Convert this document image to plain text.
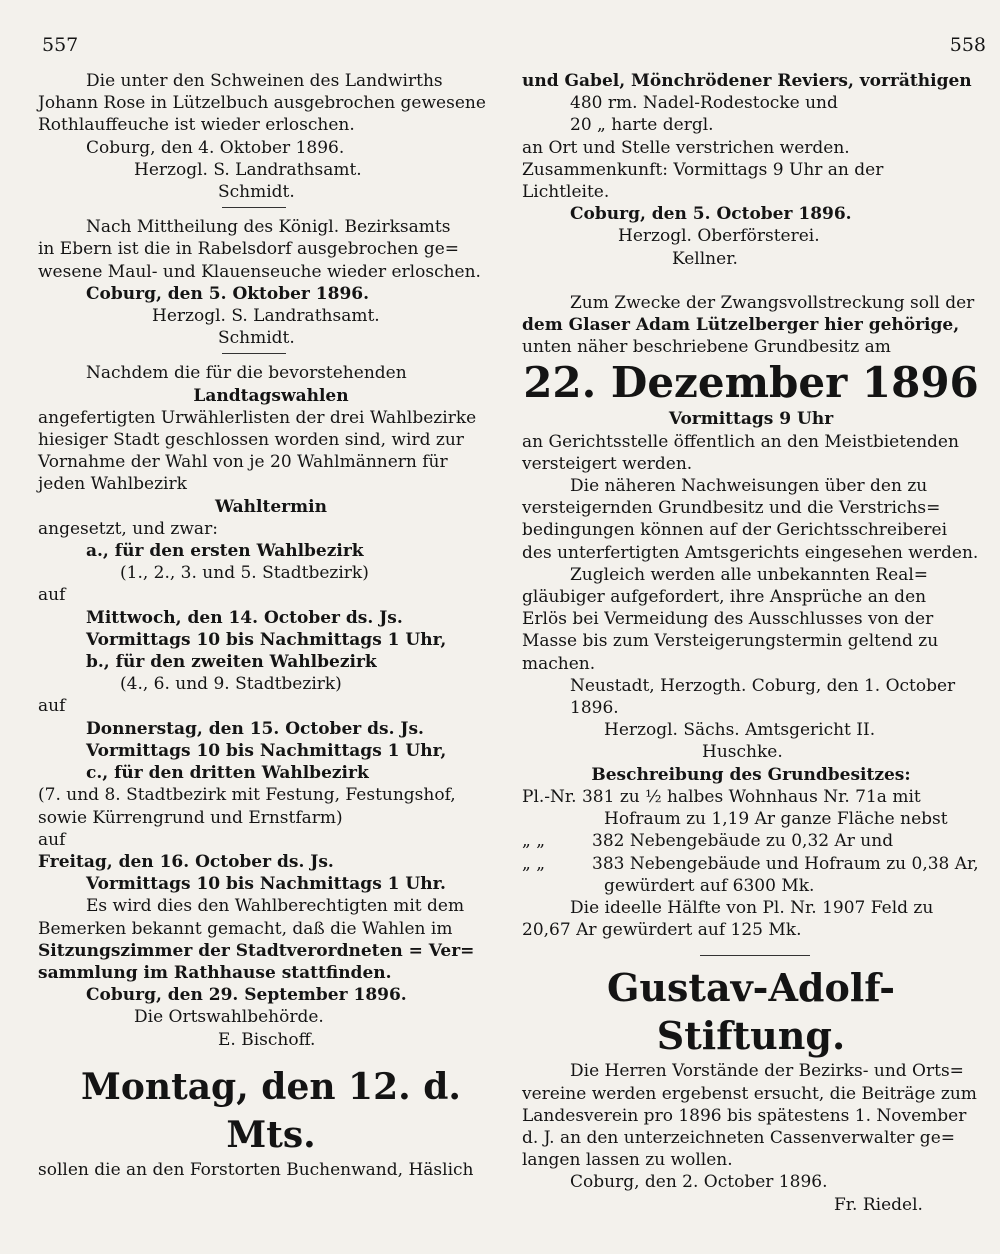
557	558

Die unter den Schweinen des Landwirths

Johann Rose in Lützelbuch ausgebrochen gewesene

Rothlauffeuche ist wieder erloschen.

Coburg, den 4. Oktober 1896.

Herzogl. S. Landrathsamt.

Schmidt.

Nach Mittheilung des Königl. Bezirksamts

in Ebern ist die in Rabelsdorf ausgebrochen ge=

wesene Maul- und Klauenseuche wieder erloschen.

Coburg, den 5. Oktober 1896.

Herzogl. S. Landrathsamt.

Schmidt.

Nachdem die für die bevorstehenden

Landtagswahlen

angefertigten Urwählerlisten der drei Wahlbezirke

hiesiger Stadt geschlossen worden sind, wird zur

Vornahme der Wahl von je 20 Wahlmännern für

jeden Wahlbezirk

Wahltermin

angesetzt, und zwar:

a., für den ersten Wahlbezirk

(1., 2., 3. und 5. Stadtbezirk)

auf

Mittwoch, den 14. October ds. Js.

Vormittags 10 bis Nachmittags 1 Uhr,

b., für den zweiten Wahlbezirk

(4., 6. und 9. Stadtbezirk)

auf

Donnerstag, den 15. October ds. Js.

Vormittags 10 bis Nachmittags 1 Uhr,

c., für den dritten Wahlbezirk

(7. und 8. Stadtbezirk mit Festung, Festungshof,

sowie Kürrengrund und Ernstfarm)

auf

Freitag, den 16. October ds. Js.

Vormittags 10 bis Nachmittags 1 Uhr.

Es wird dies den Wahlberechtigten mit dem

Bemerken bekannt gemacht, daß die Wahlen im

Sitzungszimmer der Stadtverordneten = Ver=

sammlung im Rathhause stattfinden.

Coburg, den 29. September 1896.

Die Ortswahlbehörde.

E. Bischoff.

Montag, den 12. d. Mts.

sollen die an den Forstorten Buchenwand, Häslich

und Gabel, Mönchrödener Reviers, vorräthigen

480 rm. Nadel-Rodestocke und

20 „ harte dergl.

an Ort und Stelle verstrichen werden.

Zusammenkunft: Vormittags 9 Uhr an der

Lichtleite.

Coburg, den 5. October 1896.

Herzogl. Oberförsterei.

Kellner.

Zum Zwecke der Zwangsvollstreckung soll der

dem Glaser Adam Lützelberger hier gehörige,

unten näher beschriebene Grundbesitz am

22. Dezember 1896

Vormittags 9 Uhr

an Gerichtsstelle öffentlich an den Meistbietenden

versteigert werden.

Die näheren Nachweisungen über den zu

versteigernden Grundbesitz und die Verstrichs=

bedingungen können auf der Gerichtsschreiberei

des unterfertigten Amtsgerichts eingesehen werden.

Zugleich werden alle unbekannten Real=

gläubiger aufgefordert, ihre Ansprüche an den

Erlös bei Vermeidung des Ausschlusses von der

Masse bis zum Versteigerungstermin geltend zu

machen.

Neustadt, Herzogth. Coburg, den 1. October 1896.

Herzogl. Sächs. Amtsgericht II.

Huschke.

Beschreibung des Grundbesitzes:

Pl.-Nr. 381 zu ½ halbes Wohnhaus Nr. 71a mit

Hofraum zu 1,19 Ar ganze Fläche nebst

„ „	382 Nebengebäude zu 0,32 Ar und
„ „	383 Nebengebäude und Hofraum zu 0,38 Ar,

gewürdert auf 6300 Mk.

Die ideelle Hälfte von Pl. Nr. 1907 Feld zu

20,67 Ar gewürdert auf 125 Mk.

Gustav-Adolf-Stiftung.

Die Herren Vorstände der Bezirks- und Orts=

vereine werden ergebenst ersucht, die Beiträge zum

Landesverein pro 1896 bis spätestens 1. November

d. J. an den unterzeichneten Cassenverwalter ge=

langen lassen zu wollen.

Coburg, den 2. October 1896.

Fr. Riedel.
